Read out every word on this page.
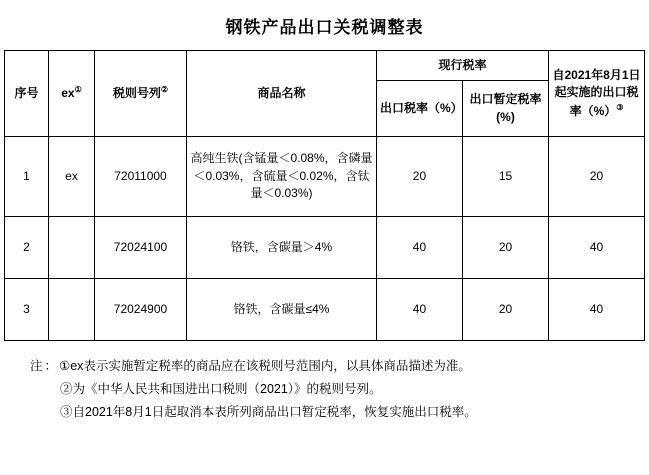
钢铁产品出口关税调整表
序号	ex①	税则号列②	商品名称	现行税率		自2021年8月1日起实施的出口税率（%）③
				出口税率（%）	出口暂定税率(%)	
1	ex	72011000	高纯生铁(含锰量＜0.08%，含磷量＜0.03%，含硫量＜0.02%，含钛量＜0.03%)	20	15	20
2		72024100	铬铁，含碳量＞4%	40	20	40
3		72024900	铬铁，含碳量≤4%	40	20	40
注：①ex表示实施暂定税率的商品应在该税则号范围内，以具体商品描述为准。
②为《中华人民共和国进出口税则（2021）》的税则号列。
③自2021年8月1日起取消本表所列商品出口暂定税率，恢复实施出口税率。
